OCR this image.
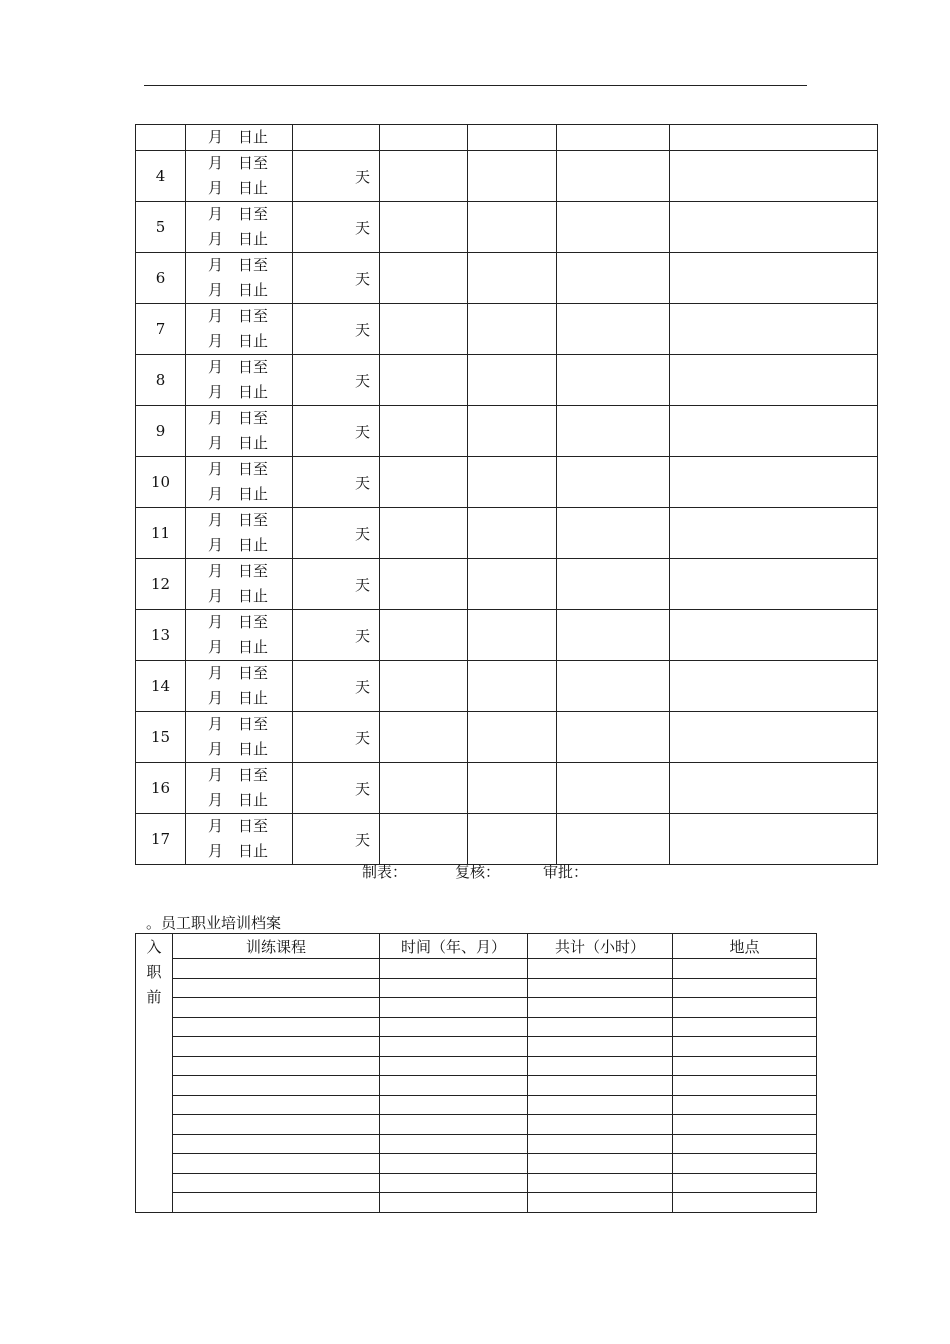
	月 日止					
4	月 日至
月 日止	天				
5	月 日至
月 日止	天				
6	月 日至
月 日止	天				
7	月 日至
月 日止	天				
8	月 日至
月 日止	天				
9	月 日至
月 日止	天				
10	月 日至
月 日止	天				
11	月 日至
月 日止	天				
12	月 日至
月 日止	天				
13	月 日至
月 日止	天				
14	月 日至
月 日止	天				
15	月 日至
月 日止	天				
16	月 日至
月 日止	天				
17	月 日至
月 日止	天				
制表：	复核：	审批：
。员工职业培训档案
入
职
前	训练课程	时间（年、月）	共计（小时）	地点
